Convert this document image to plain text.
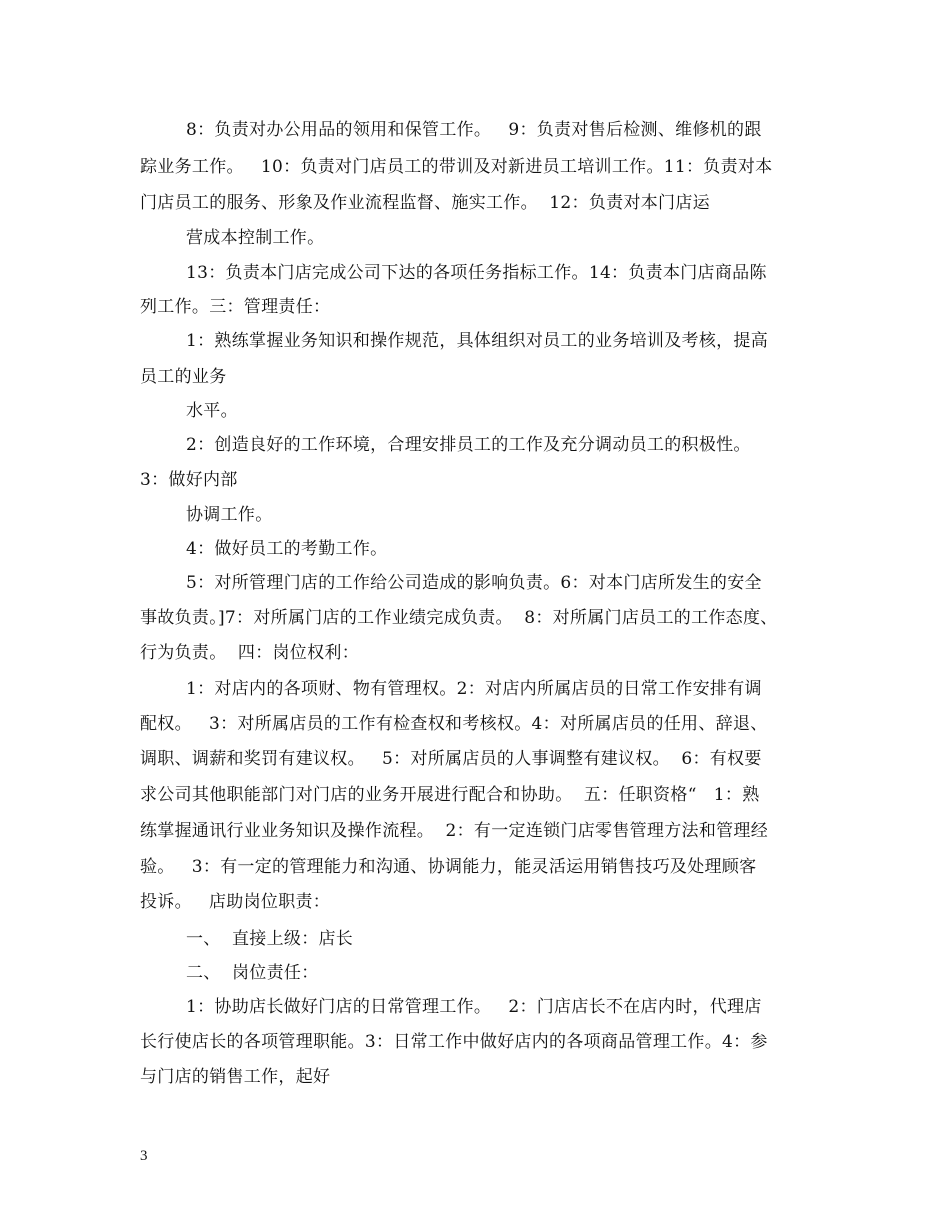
8：负责对办公用品的领用和保管工作。   9：负责对售后检测、维修机的跟

踪业务工作。   10：负责对门店员工的带训及对新进员工培训工作。11：负责对本

门店员工的服务、形象及作业流程监督、施实工作。  12：负责对本门店运

营成本控制工作。

13：负责本门店完成公司下达的各项任务指标工作。14：负责本门店商品陈

列工作。三：管理责任：

1：熟练掌握业务知识和操作规范，具体组织对员工的业务培训及考核，提高

员工的业务

水平。

2：创造良好的工作环境，合理安排员工的工作及充分调动员工的积极性。

3：做好内部

协调工作。

4：做好员工的考勤工作。

5：对所管理门店的工作给公司造成的影响负责。6：对本门店所发生的安全

事故负责。]7：对所属门店的工作业绩完成负责。  8：对所属门店员工的工作态度、

行为负责。  四：岗位权利：

1：对店内的各项财、物有管理权。2：对店内所属店员的日常工作安排有调

配权。   3：对所属店员的工作有检查权和考核权。4：对所属店员的任用、辞退、

调职、调薪和奖罚有建议权。   5：对所属店员的人事调整有建议权。  6：有权要

求公司其他职能部门对门店的业务开展进行配合和协助。  五：任职资格“   1：熟

练掌握通讯行业业务知识及操作流程。  2：有一定连锁门店零售管理方法和管理经

验。   3：有一定的管理能力和沟通、协调能力，能灵活运用销售技巧及处理顾客

投诉。   店助岗位职责：

一、  直接上级：店长

二、  岗位责任：

1：协助店长做好门店的日常管理工作。   2：门店店长不在店内时，代理店

长行使店长的各项管理职能。3：日常工作中做好店内的各项商品管理工作。4：参

与门店的销售工作，起好

3
